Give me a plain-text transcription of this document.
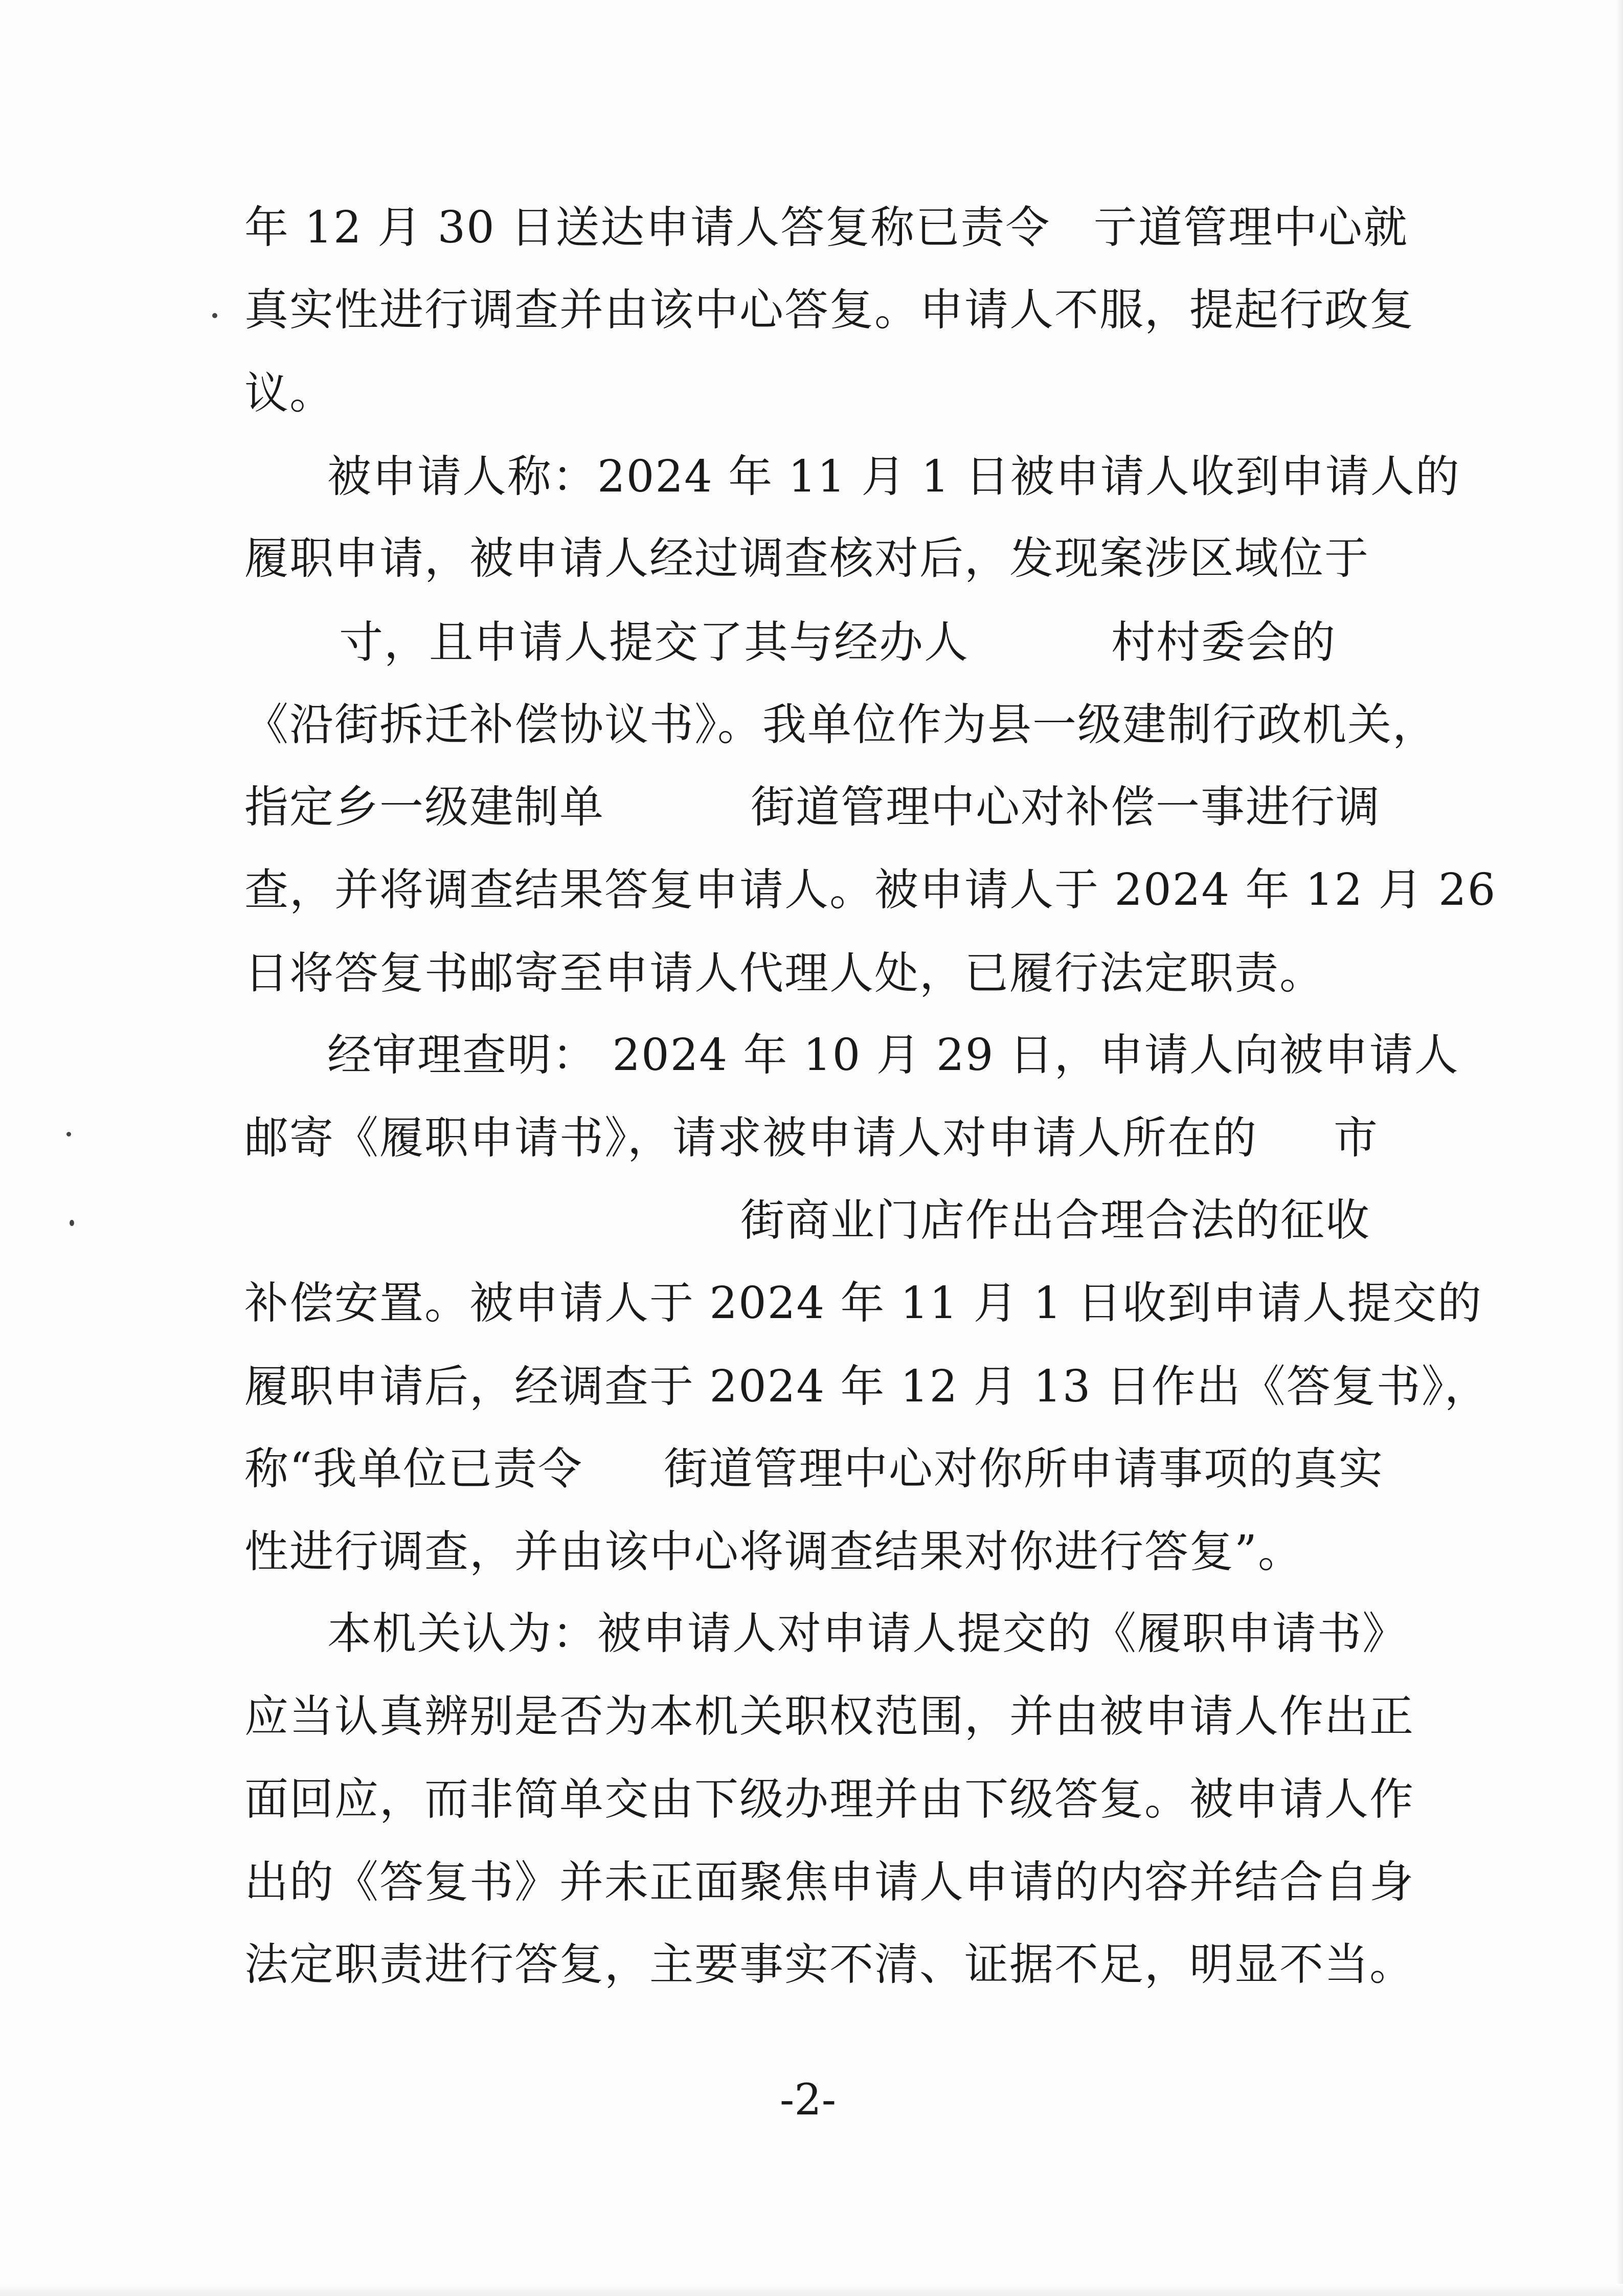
年 12 月 30 日送达申请人答复称已责令 亍道管理中心就
真实性进行调查并由该中心答复。申请人不服，提起行政复
议。
被申请人称：2024 年 11 月 1 日被申请人收到申请人的
履职申请，被申请人经过调查核对后，发现案涉区域位于
寸，且申请人提交了其与经办人	村村委会的
《沿街拆迁补偿协议书》。我单位作为县一级建制行政机关，
指定乡一级建制单	街道管理中心对补偿一事进行调
查，并将调查结果答复申请人。被申请人于 2024 年 12 月 26
日将答复书邮寄至申请人代理人处，已履行法定职责。
经审理查明： 2024 年 10 月 29 日，申请人向被申请人
邮寄《履职申请书》，请求被申请人对申请人所在的 市
街商业门店作出合理合法的征收
补偿安置。被申请人于 2024 年 11 月 1 日收到申请人提交的
履职申请后，经调查于 2024 年 12 月 13 日作出《答复书》，
称“我单位已责令 街道管理中心对你所申请事项的真实
性进行调查，并由该中心将调查结果对你进行答复”。
本机关认为：被申请人对申请人提交的《履职申请书》
应当认真辨别是否为本机关职权范围，并由被申请人作出正
面回应，而非简单交由下级办理并由下级答复。被申请人作
出的《答复书》并未正面聚焦申请人申请的内容并结合自身
法定职责进行答复，主要事实不清、证据不足，明显不当。
-2-
